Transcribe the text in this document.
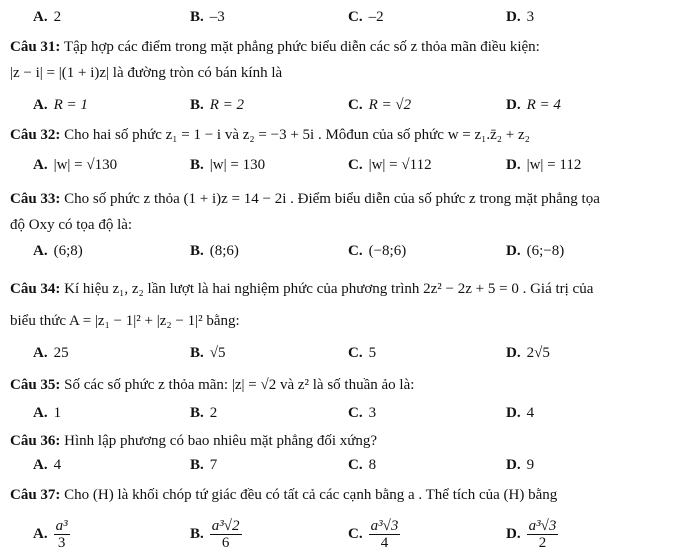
A. 2	B. –3	C. –2	D. 3
Câu 31: Tập hợp các điểm trong mặt phẳng phức biểu diễn các số z thỏa mãn điều kiện:
|z − i| = |(1 + i)z| là đường tròn có bán kính là
A. R = 1	B. R = 2	C. R = √2	D. R = 4
Câu 32: Cho hai số phức z₁ = 1 − i và z₂ = −3 + 5i . Môđun của số phức w = z₁.z̄₂ + z₂
A. |w| = √130	B. |w| = 130	C. |w| = √112	D. |w| = 112
Câu 33: Cho số phức z thỏa (1 + i)z = 14 − 2i . Điểm biểu diễn của số phức z trong mặt phẳng tọa
độ Oxy có tọa độ là:
A. (6;8)	B. (8;6)	C. (−8;6)	D. (6;−8)
Câu 34: Kí hiệu z₁, z₂ lần lượt là hai nghiệm phức của phương trình 2z² − 2z + 5 = 0 . Giá trị của
biểu thức A = |z₁ − 1|² + |z₂ − 1|² bằng:
A. 25	B. √5	C. 5	D. 2√5
Câu 35: Số các số phức z thỏa mãn: |z| = √2 và z² là số thuần ảo là:
A. 1	B. 2	C. 3	D. 4
Câu 36: Hình lập phương có bao nhiêu mặt phẳng đối xứng?
A. 4	B. 7	C. 8	D. 9
Câu 37: Cho (H) là khối chóp tứ giác đều có tất cả các cạnh bằng a . Thể tích của (H) bằng
A. $\frac{\text{a³}}{3}$	B. $\frac{\text{a³√2}}{6}$	C. $\frac{\text{a³√3}}{4}$	D. $\frac{\text{a³√3}}{2}$
